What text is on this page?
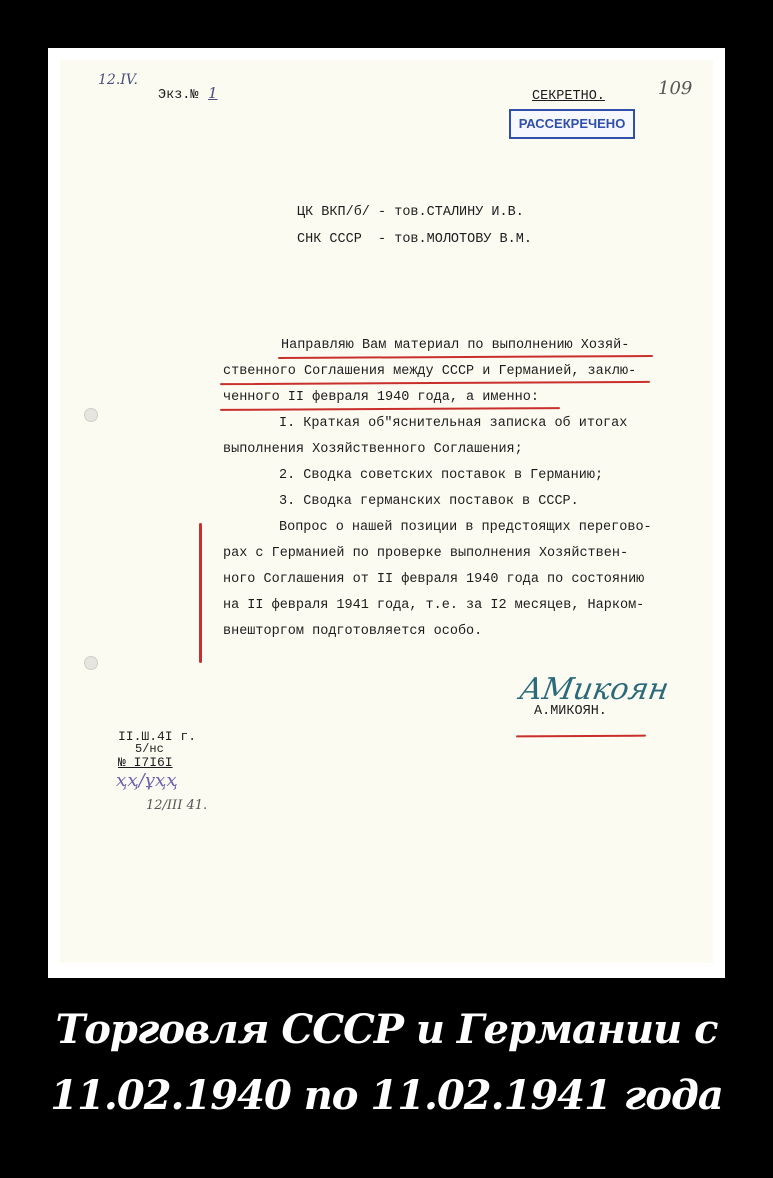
12.IV.
Экз.№ 1	СЕКРЕТНО.	109
ЦК ВКП/б/ - тов.СТАЛИНУ И.В.
СНК СССР  - тов.МОЛОТОВУ В.М.
Направляю Вам материал по выполнению Хозяй-
ственного Соглашения между СССР и Германией, заклю-
ченного II февраля 1940 года, а именно:
I. Краткая об"яснительная записка об итогах
выполнения Хозяйственного Соглашения;
2. Сводка советских поставок в Германию;
3. Сводка германских поставок в СССР.
Вопрос о нашей позиции в предстоящих перегово-
рах с Германией по проверке выполнения Хозяйствен-
ного Соглашения от II февраля 1940 года по состоянию
на II февраля 1941 года, т.е. за I2 месяцев, Нарком-
внешторгом подготовляется особо.
АМикоян
А.МИКОЯН.
II.Ш.4I г.
5/нс
№ I7I6I
ҳҳ/ұҳҳ
12/ІІІ 41.
РАССЕКРЕЧЕНО
Торговля СССР и Германии с
11.02.1940 по 11.02.1941 года
